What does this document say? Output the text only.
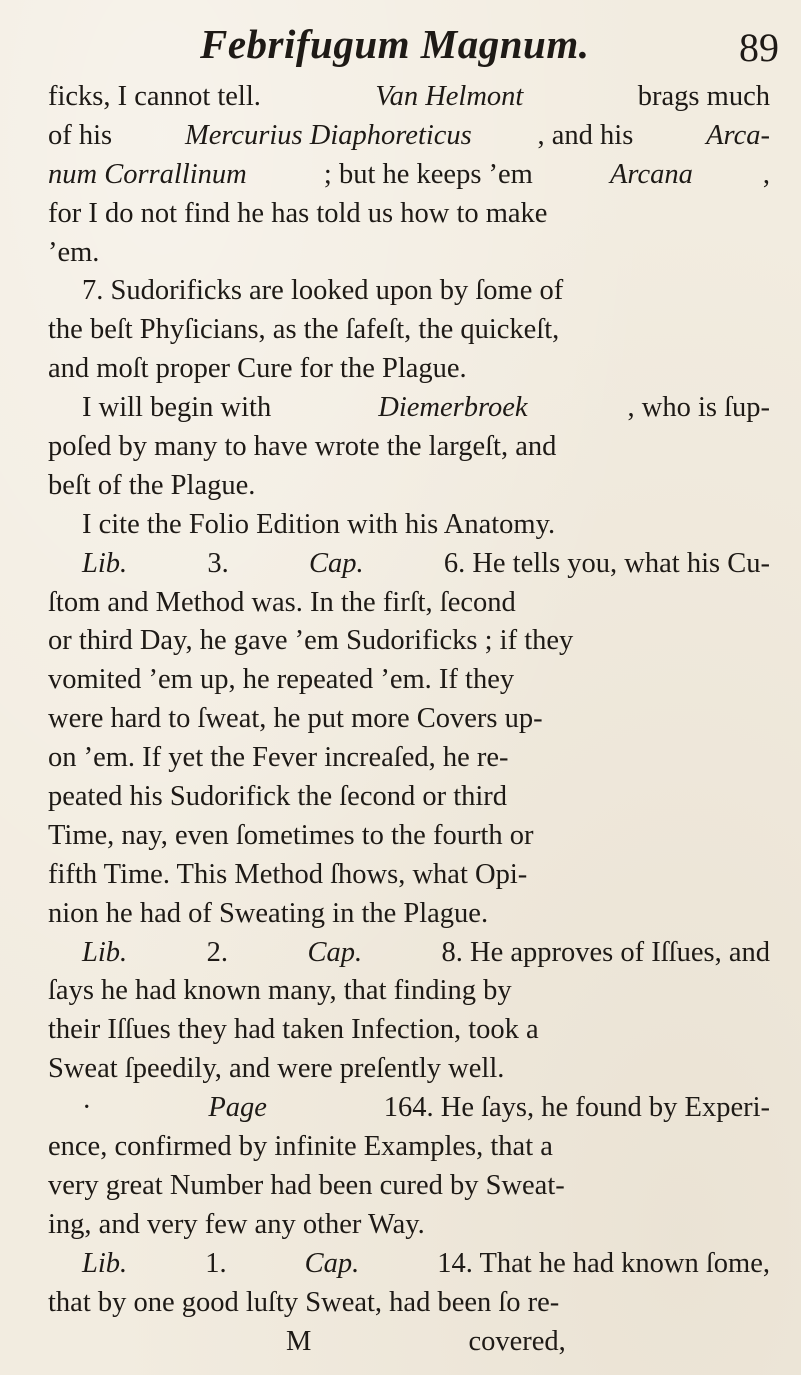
Febrifugum Magnum.	89
ficks, I cannot tell.	Van Helmont	brags much
of his Mercurius Diaphoreticus , and his Arca-
num Corrallinum ; but he keeps ’em Arcana ,
for I do not find he has told us how to make
’em.
7. Sudorificks are looked upon by ſome of
the beſt Phyſicians, as the ſafeſt, the quickeſt,
and moſt proper Cure for the Plague.
I will begin with	Diemerbroek	, who is ſup-
poſed by many to have wrote the largeſt, and
beſt of the Plague.
I cite the Folio Edition with his Anatomy.
Lib.	3.	Cap.	6. He tells you, what his Cu-
ſtom and Method was. In the firſt, ſecond
or third Day, he gave ’em Sudorificks ; if they
vomited ’em up, he repeated ’em. If they
were hard to ſweat, he put more Covers up-
on ’em. If yet the Fever increaſed, he re-
peated his Sudorifick the ſecond or third
Time, nay, even ſometimes to the fourth or
fifth Time. This Method ſhows, what Opi-
nion he had of Sweating in the Plague.
Lib.	2.	Cap.	8. He approves of Iſſues, and
ſays he had known many, that finding by
their Iſſues they had taken Infection, took a
Sweat ſpeedily, and were preſently well.
·	Page	164. He ſays, he found by Experi-
ence, confirmed by infinite Examples, that a
very great Number had been cured by Sweat-
ing, and very few any other Way.
Lib. 1. Cap. 14. That he had known ſome,
that by one good luſty Sweat, had been ſo re-
M	covered,
